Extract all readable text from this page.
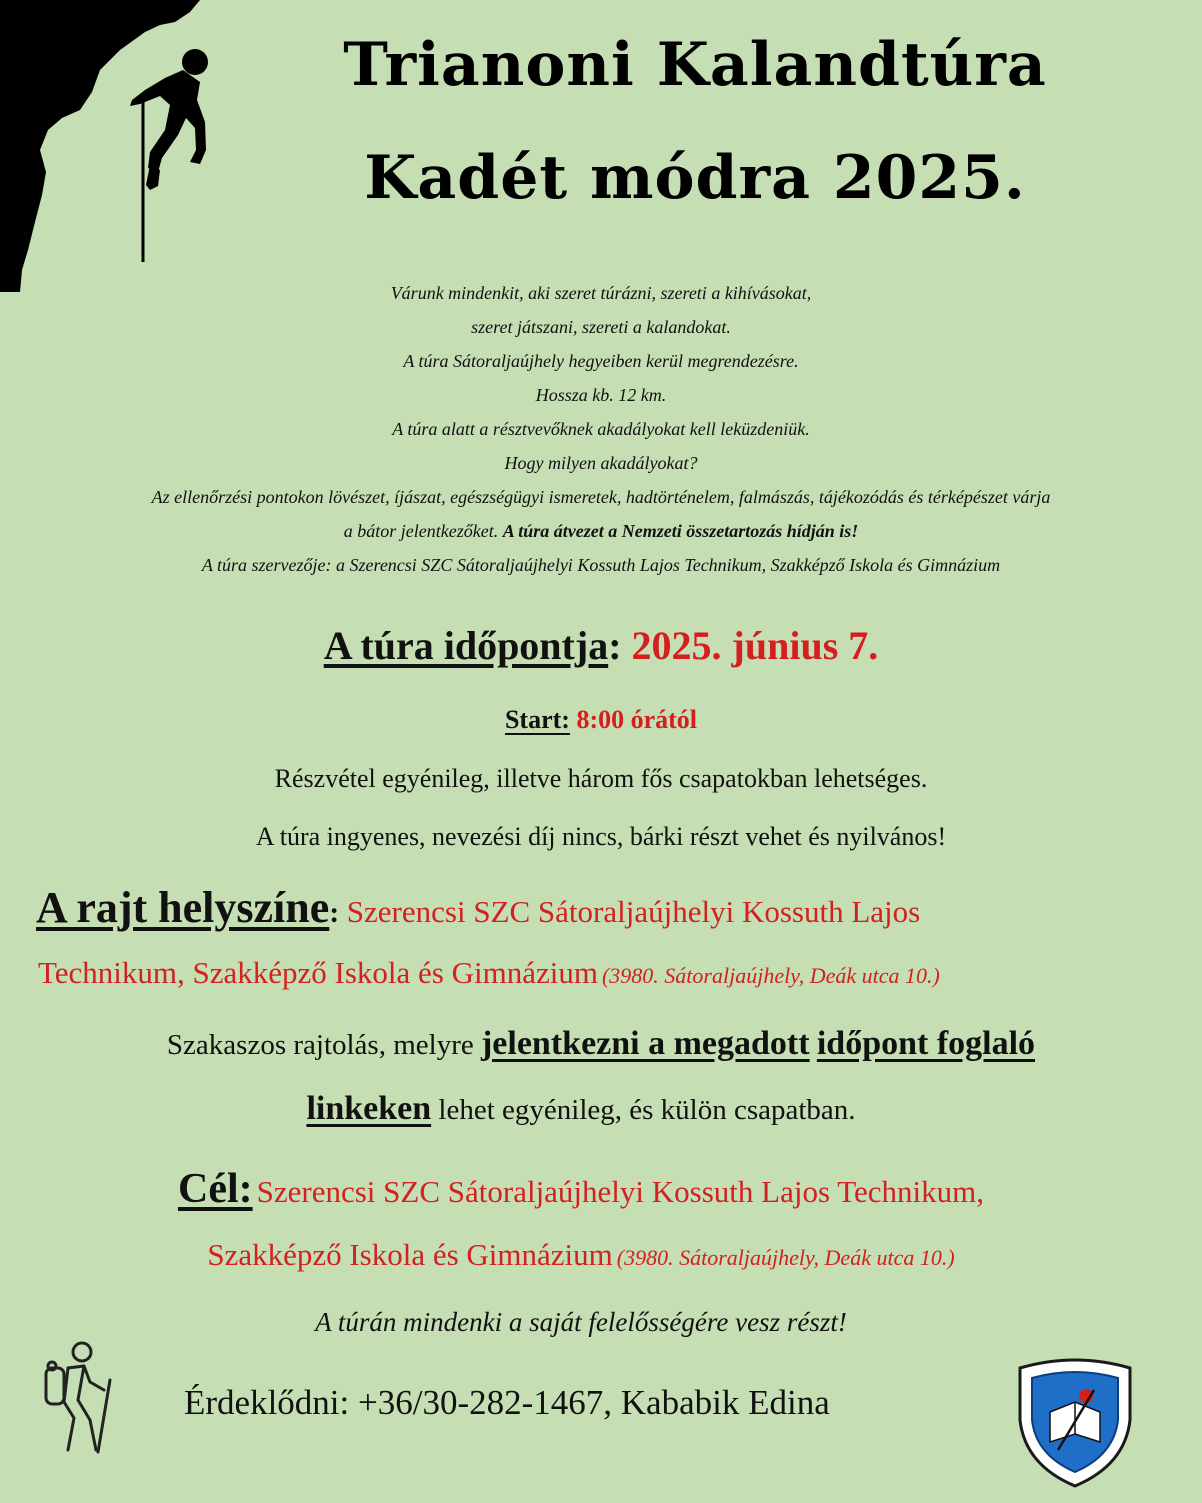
Trianoni Kalandtúra
Kadét módra 2025.
Várunk mindenkit, aki szeret túrázni, szereti a kihívásokat,
szeret játszani, szereti a kalandokat.
A túra Sátoraljaújhely hegyeiben kerül megrendezésre.
Hossza kb. 12 km.
A túra alatt a résztvevőknek akadályokat kell leküzdeniük.
Hogy milyen akadályokat?
Az ellenőrzési pontokon lövészet, íjászat, egészségügyi ismeretek, hadtörténelem, falmászás, tájékozódás és térképészet várja
a bátor jelentkezőket. A túra átvezet a Nemzeti összetartozás hídján is!
A túra szervezője: a Szerencsi SZC Sátoraljaújhelyi Kossuth Lajos Technikum, Szakképző Iskola és Gimnázium
A túra időpontja: 2025. június 7.
Start: 8:00 órától
Részvétel egyénileg, illetve három fős csapatokban lehetséges.
A túra ingyenes, nevezési díj nincs, bárki részt vehet és nyilvános!
A rajt helyszíne: Szerencsi SZC Sátoraljaújhelyi Kossuth Lajos
Technikum, Szakképző Iskola és Gimnázium (3980. Sátoraljaújhely, Deák utca 10.)
Szakaszos rajtolás, melyre jelentkezni a megadott időpont foglaló
linkeken lehet egyénileg, és külön csapatban.
Cél: Szerencsi SZC Sátoraljaújhelyi Kossuth Lajos Technikum,
Szakképző Iskola és Gimnázium (3980. Sátoraljaújhely, Deák utca 10.)
A túrán mindenki a saját felelősségére vesz részt!
Érdeklődni: +36/30-282-1467, Kababik Edina
